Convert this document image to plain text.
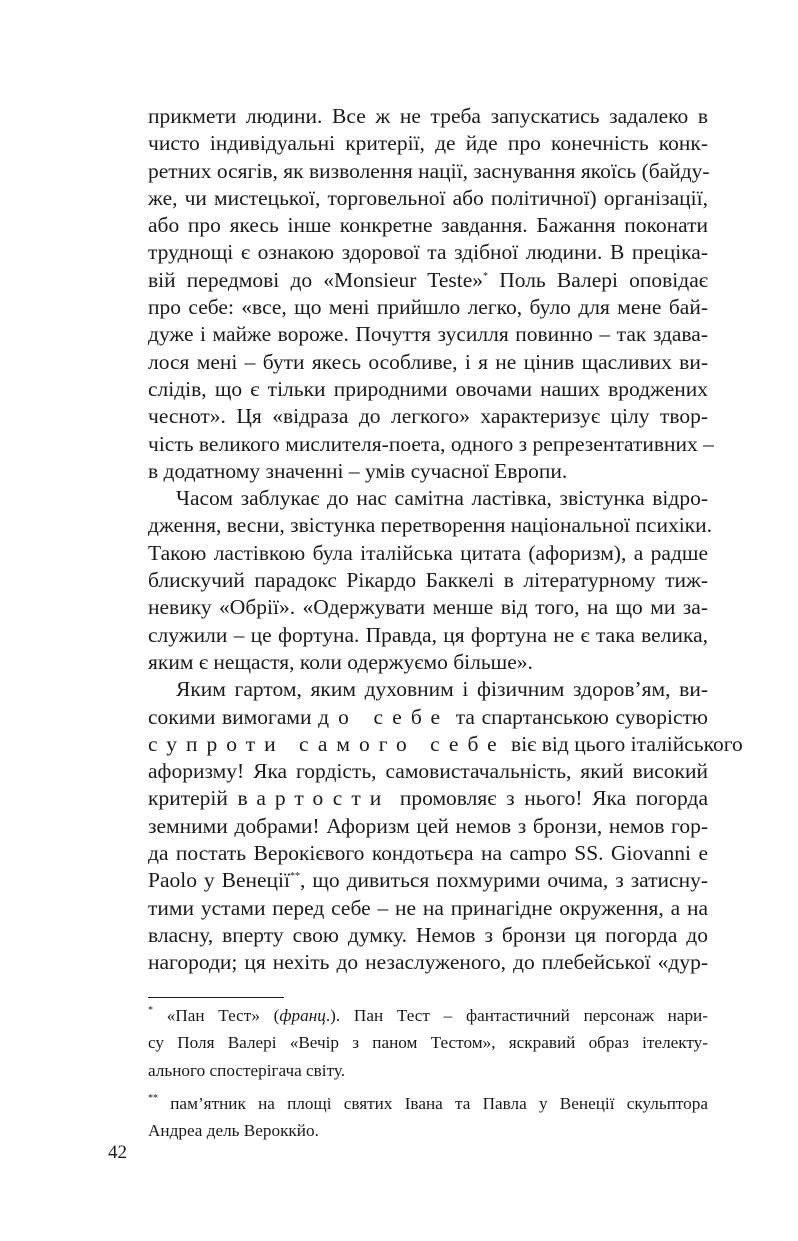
прикмети людини. Все ж не треба запускатись задалеко в
чисто індивідуальні критерії, де йде про конечність конк-
ретних осягів, як визволення нації, заснування якоїсь (байду-
же, чи мистецької, торговельної або політичної) організації,
або про якесь інше конкретне завдання. Бажання поконати
труднощі є ознакою здорової та здібної людини. В преціка-
вій передмові до «Monsieur Teste»* Поль Валері оповідає
про себе: «все, що мені прийшло легко, було для мене бай-
дуже і майже вороже. Почуття зусилля повинно – так здава-
лося мені – бути якесь особливе, і я не цінив щасливих ви-
слідів, що є тільки природними овочами наших вроджених
чеснот». Ця «відраза до легкого» характеризує цілу твор-
чість великого мислителя-поета, одного з репрезентативних –
в додатному значенні – умів сучасної Европи.
Часом заблукає до нас самітна ластівка, звістунка відро-
дження, весни, звістунка перетворення національної психіки.
Такою ластівкою була італійська цитата (афоризм), а радше
блискучий парадокс Рікардо Баккелі в літературному тиж-
невику «Обрії». «Одержувати менше від того, на що ми за-
служили – це фортуна. Правда, ця фортуна не є така велика,
яким є нещастя, коли одержуємо більше».
Яким гартом, яким духовним і фізичним здоров’ям, ви-
сокими вимогами до себе та спартанською суворістю
супроти самого себе віє від цього італійського
афоризму! Яка гордість, самовистачальність, який високий
критерій вартости промовляє з нього! Яка погорда
земними добрами! Афоризм цей немов з бронзи, немов гор-
да постать Верокієвого кондотьєра на campo SS. Giovanni e
Paolo у Венеції**, що дивиться похмурими очима, з затисну-
тими устами перед себе – не на принагідне окруження, а на
власну, вперту свою думку. Немов з бронзи ця погорда до
нагороди; ця нехіть до незаслуженого, до плебейської «дур-
* «Пан Тест» (франц.). Пан Тест – фантастичний персонаж нари-
су Поля Валері «Вечір з паном Тестом», яскравий образ ітелекту-
ального спостерігача світу.
** пам’ятник на площі святих Івана та Павла у Венеції скульптора
Андреа дель Вероккйо.
42
